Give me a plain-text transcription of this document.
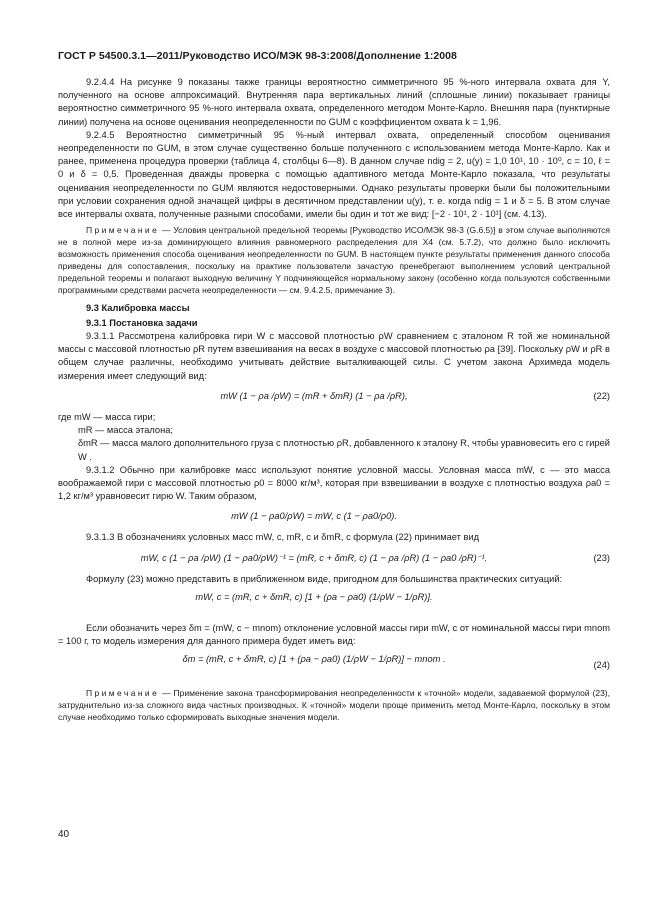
ГОСТ Р 54500.3.1—2011/Руководство ИСО/МЭК 98-3:2008/Дополнение 1:2008

9.2.4.4 На рисунке 9 показаны также границы вероятностно симметричного 95 %-ного интервала охвата для Y, полученного на основе аппроксимаций. Внутренняя пара вертикальных линий (сплошные линии) показывает границы вероятностно симметричного 95 %-ного интервала охвата, определенного методом Монте-Карло. Внешняя пара (пунктирные линии) получена на основе оценивания неопределенности по GUM с коэффициентом охвата k = 1,96.

9.2.4.5 Вероятностно симметричный 95 %-ный интервал охвата, определенный способом оценивания неопределенности по GUM, в этом случае существенно больше полученного с использованием метода Монте-Карло. Как и ранее, применена процедура проверки (таблица 4, столбцы 6—8). В данном случае ndig = 2, u(y) = 1,0 10¹, 10 · 10⁰, c = 10, ℓ = 0 и δ = 0,5. Проведенная дважды проверка с помощью адаптивного метода Монте-Карло показала, что результаты оценивания неопределенности по GUM являются недостоверными. Однако результаты проверки были бы положительными при условии сохранения одной значащей цифры в десятичном представлении u(y), т. е. когда ndig = 1 и δ = 5. В этом случае все интервалы охвата, полученные разными способами, имели бы один и тот же вид: [−2 · 10¹, 2 · 10¹] (см. 4.13).

Примечание — Условия центральной предельной теоремы [Руководство ИСО/МЭК 98-3 (G.6.5)] в этом случае выполняются не в полной мере из-за доминирующего влияния равномерного распределения для X4 (см. 5.7.2), что должно было исключить возможность применения способа оценивания неопределенности по GUM. В настоящем пункте результаты применения данного способа приведены для сопоставления, поскольку на практике пользователи зачастую пренебрегают выполнением условий центральной предельной теоремы и полагают выходную величину Y подчиняющейся нормальному закону (особенно когда пользуются собственными программными средствами расчета неопределенности — см. 9.4.2.5, примечание 3).

9.3 Калибровка массы

9.3.1 Постановка задачи

9.3.1.1 Рассмотрена калибровка гири W с массовой плотностью ρW сравнением с эталоном R той же номинальной массы с массовой плотностью ρR путем взвешивания на весах в воздухе с массовой плотностью ρa [39]. Поскольку ρW и ρR в общем случае различны, необходимо учитывать действие выталкивающей силы. С учетом закона Архимеда модель измерения имеет следующий вид:

mW (1 − ρa /ρW) = (mR + δmR) (1 − ρa /ρR),	(22)

где mW — масса гири;

mR — масса эталона;

δmR — масса малого дополнительного груза с плотностью ρR, добавленного к эталону R, чтобы уравновесить его с гирей W .

9.3.1.2 Обычно при калибровке масс используют понятие условной массы. Условная масса mW, c — это масса воображаемой гири с массовой плотностью ρ0 = 8000 кг/м³, которая при взвешивании в воздухе с плотностью воздуха ρa0 = 1,2 кг/м³ уравновесит гирю W. Таким образом,

mW (1 − ρa0/ρW) = mW, c (1 − ρa0/ρ0).

9.3.1.3 В обозначениях условных масс mW, c, mR, c и δmR, c формула (22) принимает вид

mW, c (1 − ρa /ρW) (1 − ρa0/ρW)⁻¹ = (mR, c + δmR, c) (1 − ρa /ρR) (1 − ρa0 /ρR)⁻¹.	(23)

Формулу (23) можно представить в приближенном виде, пригодном для большинства практических ситуаций:

mW, c = (mR, c + δmR, c) [1 + (ρa − ρa0) (1/ρW − 1/ρR)].

Если обозначить через δm = (mW, c − mnom) отклонение условной массы гири mW, c от номинальной массы гири mnom = 100 г, то модель измерения для данного примера будет иметь вид:

δm = (mR, c + δmR, c) [1 + (ρa − ρa0) (1/ρW − 1/ρR)] − mnom .
(24)

Примечание — Применение закона трансформирования неопределенности к «точной» модели, задаваемой формулой (23), затруднительно из-за сложного вида частных производных. К «точной» модели проще применить метод Монте-Карло, поскольку в этом случае необходимо только сформировать выходные значения модели.

40
